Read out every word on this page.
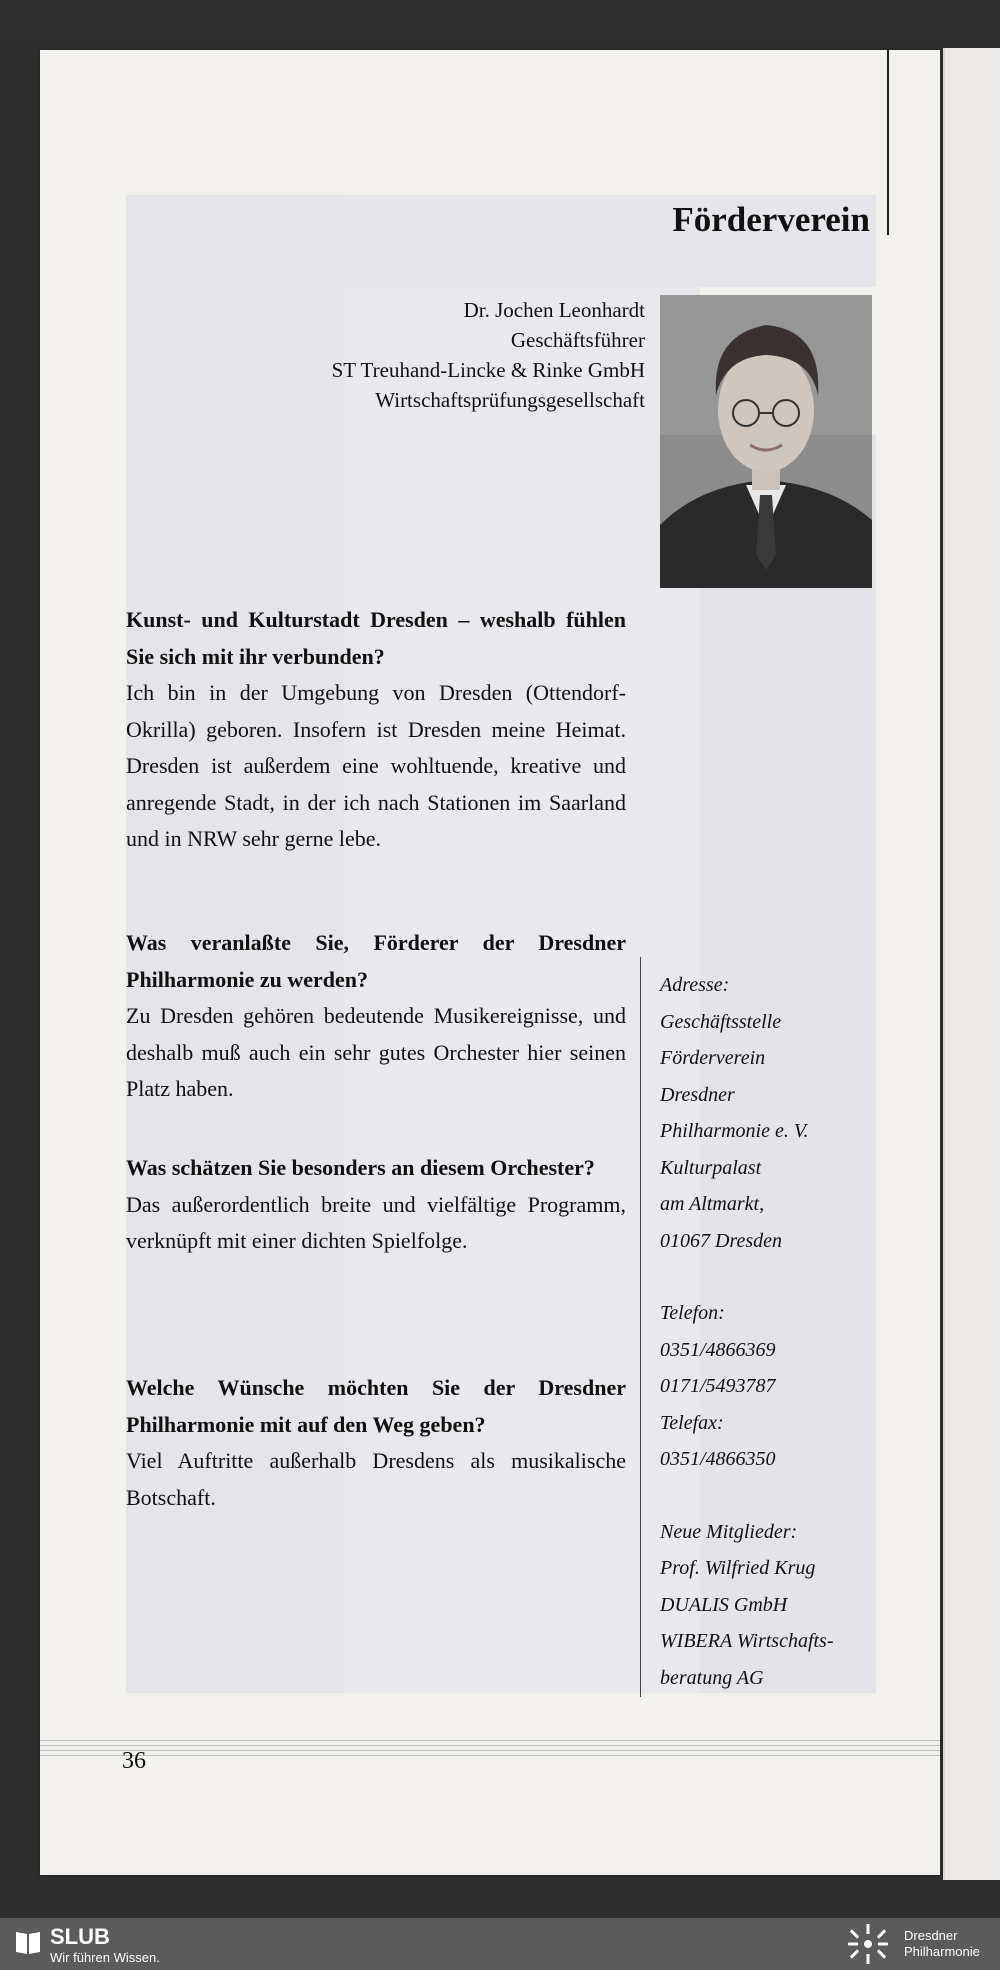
Förderverein
Dr. Jochen Leonhardt
Geschäftsführer
ST Treuhand-Lincke & Rinke GmbH
Wirtschaftsprüfungsgesellschaft
Kunst- und Kulturstadt Dresden – weshalb fühlen Sie sich mit ihr verbunden?
Ich bin in der Umgebung von Dresden (Ottendorf-Okrilla) geboren. Insofern ist Dresden meine Heimat. Dresden ist außerdem eine wohltuende, kreative und anregende Stadt, in der ich nach Stationen im Saarland und in NRW sehr gerne lebe.
Was veranlaßte Sie, Förderer der Dresdner Philharmonie zu werden?
Zu Dresden gehören bedeutende Musikereignisse, und deshalb muß auch ein sehr gutes Orchester hier seinen Platz haben.
Was schätzen Sie besonders an diesem Orchester?
Das außerordentlich breite und vielfältige Programm, verknüpft mit einer dichten Spielfolge.
Welche Wünsche möchten Sie der Dresdner Philharmonie mit auf den Weg geben?
Viel Auftritte außerhalb Dresdens als musikalische Botschaft.
Adresse:
Geschäftsstelle
Förderverein
Dresdner
Philharmonie e. V.
Kulturpalast
am Altmarkt,
01067 Dresden
Telefon:
0351/4866369
0171/5493787
Telefax:
0351/4866350
Neue Mitglieder:
Prof. Wilfried Krug
DUALIS GmbH
WIBERA Wirtschafts-
beratung AG
36
SLUB
Wir führen Wissen.
Dresdner
Philharmonie
